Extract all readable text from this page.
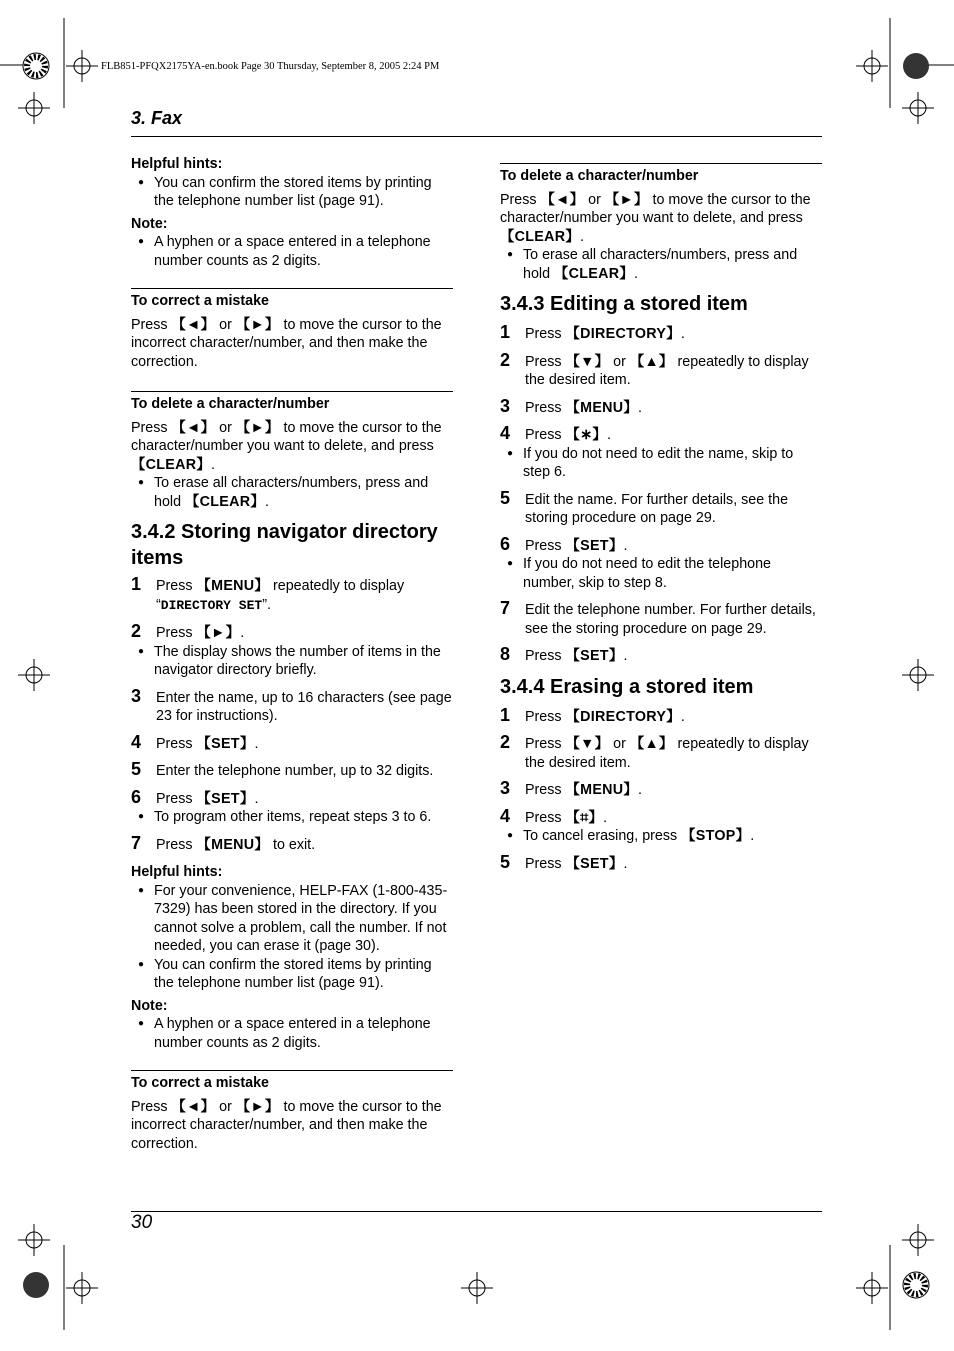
FLB851-PFQX2175YA-en.book Page 30 Thursday, September 8, 2005 2:24 PM
3. Fax

Helpful hints:

● You can confirm the stored items by printing the telephone number list (page 91).

Note:

● A hyphen or a space entered in a telephone number counts as 2 digits.

To correct a mistake

Press 【◄】 or 【►】 to move the cursor to the incorrect character/number, and then make the correction.

To delete a character/number

Press 【◄】 or 【►】 to move the cursor to the character/number you want to delete, and press 【CLEAR】.

● To erase all characters/numbers, press and hold 【CLEAR】.

3.4.2 Storing navigator directory items

1 Press 【MENU】 repeatedly to display “DIRECTORY SET”.
2 Press 【►】.

● The display shows the number of items in the navigator directory briefly.

3 Enter the name, up to 16 characters (see page 23 for instructions).
4 Press 【SET】.
5 Enter the telephone number, up to 32 digits.
6 Press 【SET】.

● To program other items, repeat steps 3 to 6.

7 Press 【MENU】 to exit.

Helpful hints:

● For your convenience, HELP-FAX (1-800-435-7329) has been stored in the directory. If you cannot solve a problem, call the number. If not needed, you can erase it (page 30).

● You can confirm the stored items by printing the telephone number list (page 91).

Note:

● A hyphen or a space entered in a telephone number counts as 2 digits.

To correct a mistake

Press 【◄】 or 【►】 to move the cursor to the incorrect character/number, and then make the correction.

To delete a character/number

Press 【◄】 or 【►】 to move the cursor to the character/number you want to delete, and press 【CLEAR】.

● To erase all characters/numbers, press and hold 【CLEAR】.

3.4.3 Editing a stored item

1 Press 【DIRECTORY】.
2 Press 【▼】 or 【▲】 repeatedly to display the desired item.
3 Press 【MENU】.
4 Press 【∗】.

● If you do not need to edit the name, skip to step 6.

5 Edit the name. For further details, see the storing procedure on page 29.
6 Press 【SET】.

● If you do not need to edit the telephone number, skip to step 8.

7 Edit the telephone number. For further details, see the storing procedure on page 29.
8 Press 【SET】.

3.4.4 Erasing a stored item

1 Press 【DIRECTORY】.
2 Press 【▼】 or 【▲】 repeatedly to display the desired item.
3 Press 【MENU】.
4 Press 【⌗】.

● To cancel erasing, press 【STOP】.

5 Press 【SET】.
30
